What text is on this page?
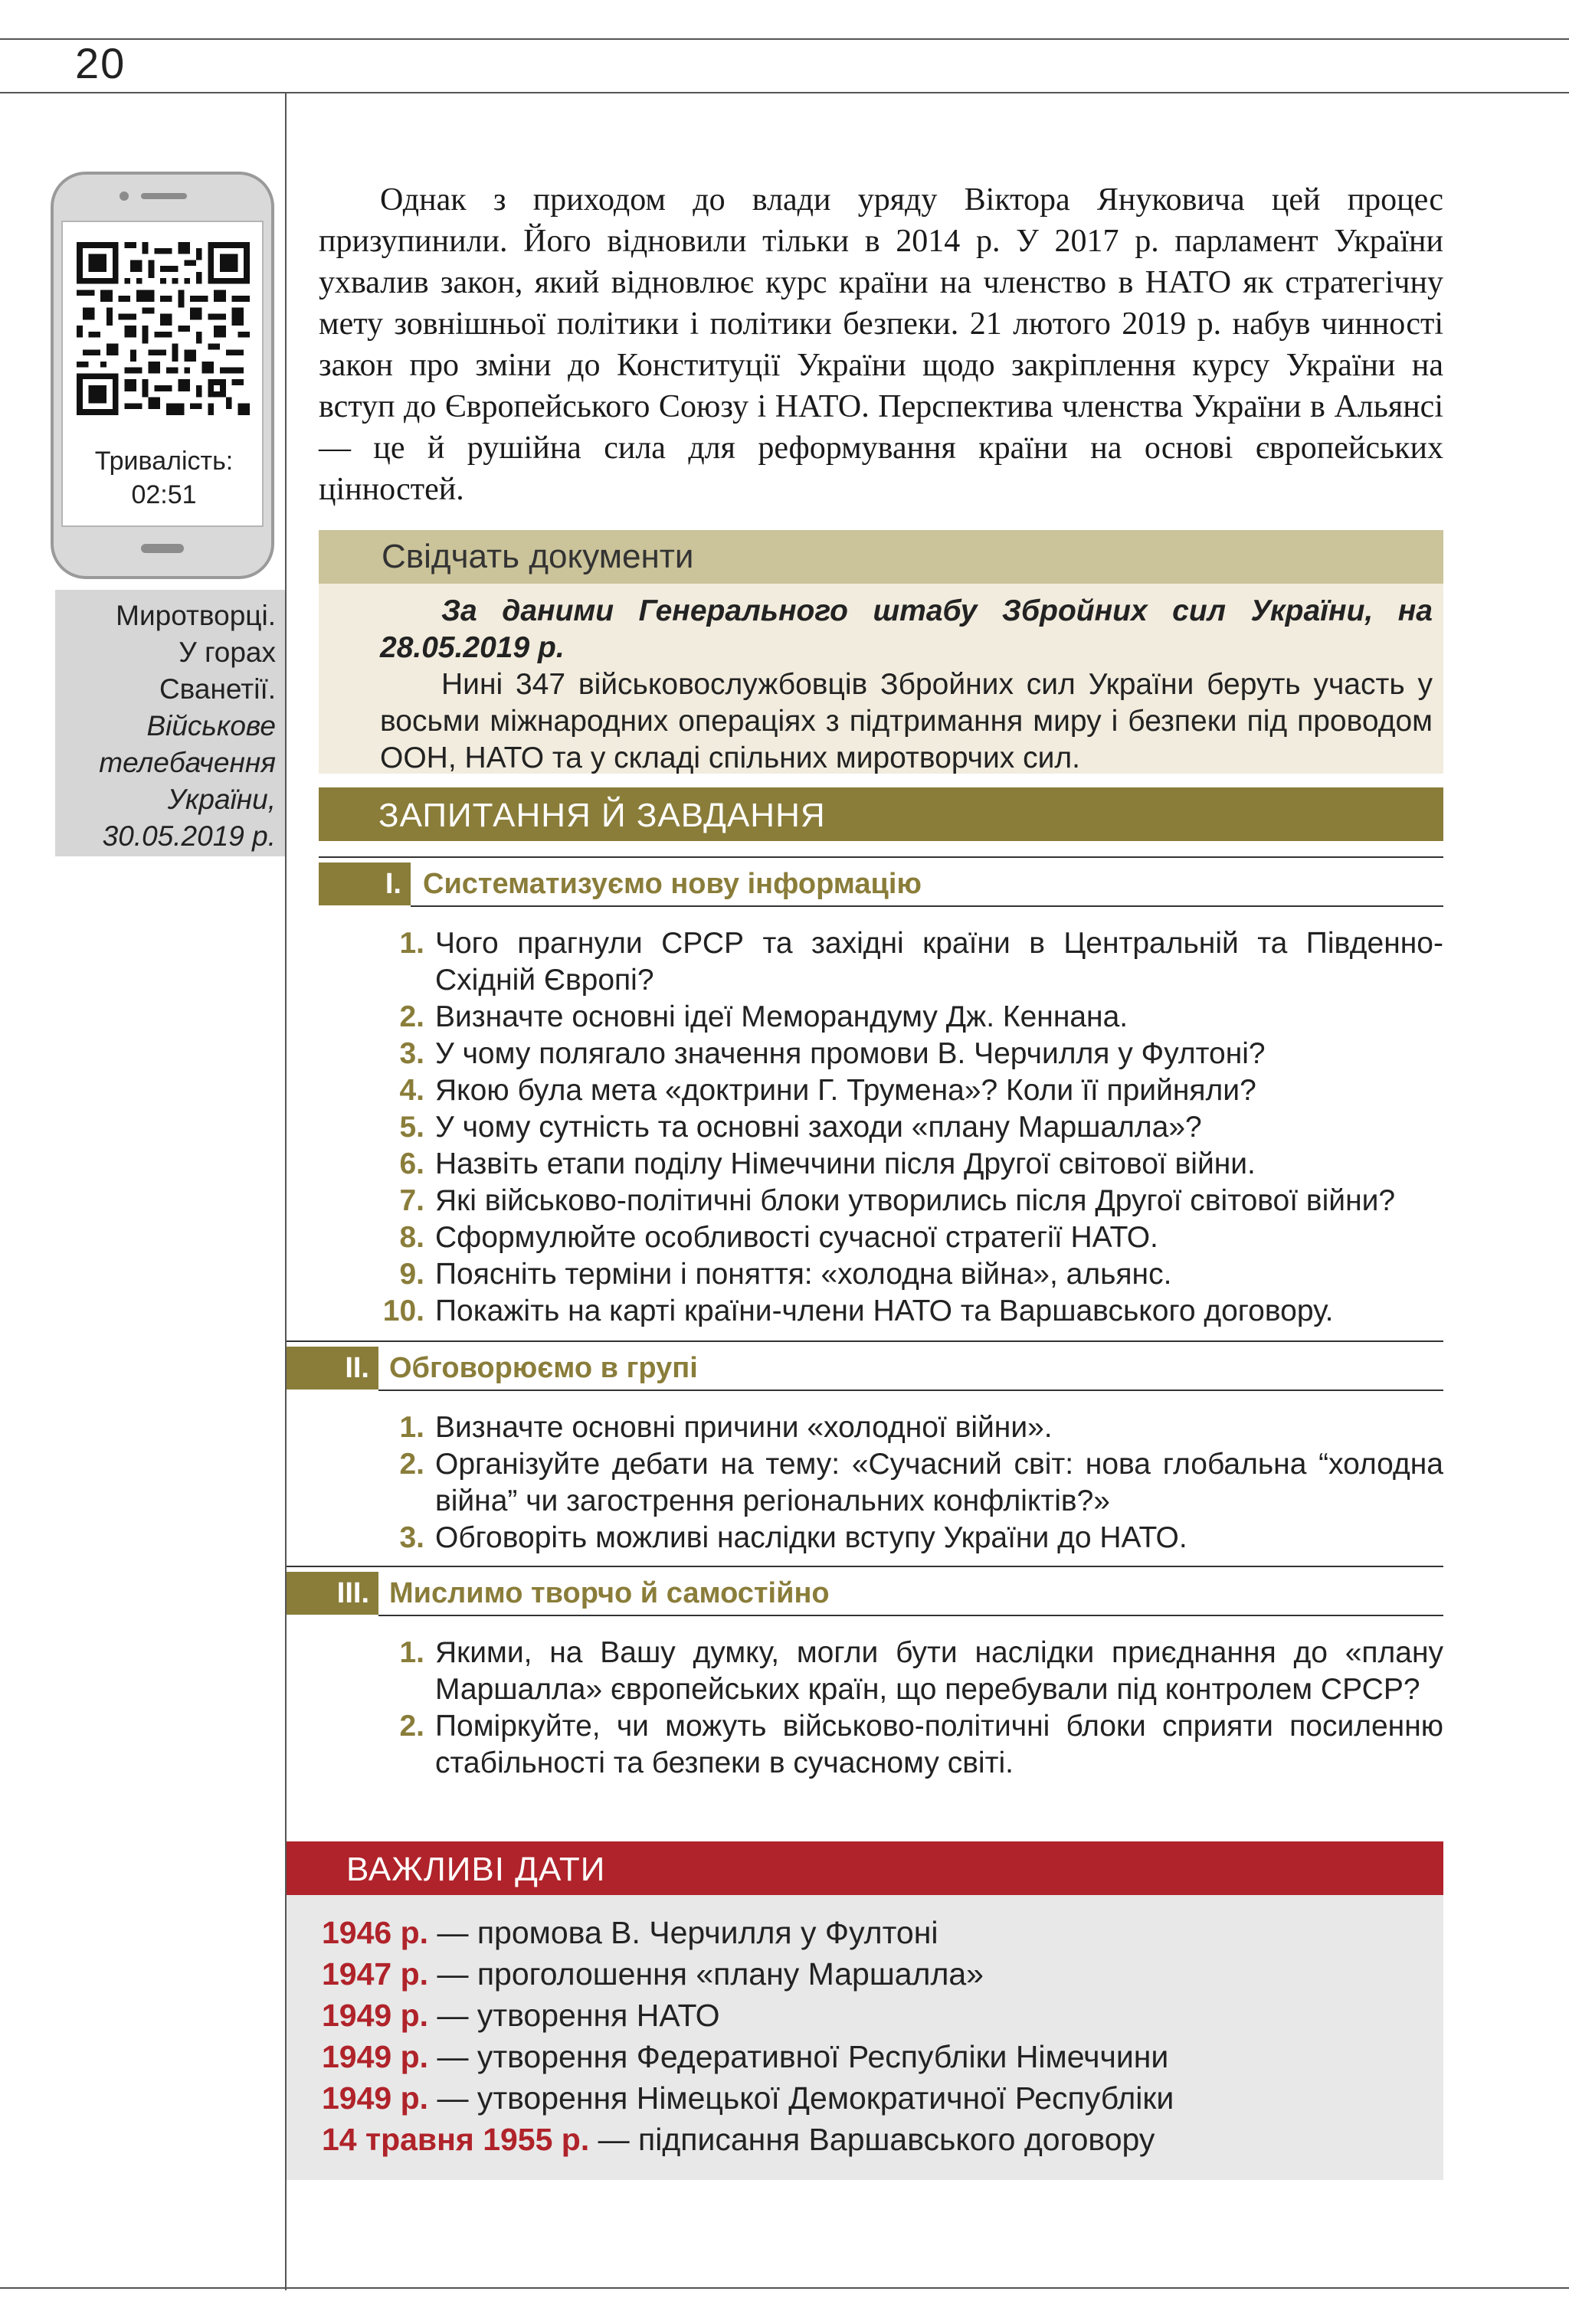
20
Тривалість:
02:51
Миротворці.
У горах
Сванетії.
Військове
телебачення
України,
30.05.2019 р.

Однак з приходом до влади уряду Віктора Януковича цей процес призупинили. Його відновили тільки в 2014 р. У 2017 р. парламент України ухвалив закон, який відновлює курс країни на членство в НАТО як стратегічну мету зовнішньої політики і політики безпеки. 21 лютого 2019 р. набув чинності закон про зміни до Конституції України щодо закріплення курсу України на вступ до Європейського Союзу і НАТО. Перспектива членства України в Альянсі — це й рушійна сила для реформування країни на основі європейських цінностей.

Свідчать документи

За даними Генерального штабу Збройних сил України, на 28.05.2019 р.

Нині 347 військовослужбовців Збройних сил України беруть участь у восьми міжнародних операціях з підтримання миру і безпеки під проводом ООН, НАТО та у складі спільних миротворчих сил.

ЗАПИТАННЯ Й ЗАВДАННЯ
I. Систематизуємо нову інформацію
1. Чого прагнули СРСР та західні країни в Центральній та Південно-Східній Європі?
2. Визначте основні ідеї Меморандуму Дж. Кеннана.
3. У чому полягало значення промови В. Черчилля у Фултоні?
4. Якою була мета «доктрини Г. Трумена»? Коли її прийняли?
5. У чому сутність та основні заходи «плану Маршалла»?
6. Назвіть етапи поділу Німеччини після Другої світової війни.
7. Які військово-політичні блоки утворились після Другої світової війни?
8. Сформулюйте особливості сучасної стратегії НАТО.
9. Поясніть терміни і поняття: «холодна війна», альянс.
10. Покажіть на карті країни-члени НАТО та Варшавського договору.
II. Обговорюємо в групі
1. Визначте основні причини «холодної війни».
2. Організуйте дебати на тему: «Сучасний світ: нова глобальна “холодна війна” чи загострення регіональних конфліктів?»
3. Обговоріть можливі наслідки вступу України до НАТО.
III. Мислимо творчо й самостійно
1. Якими, на Вашу думку, могли бути наслідки приєднання до «плану Маршалла» європейських країн, що перебували під контролем СРСР?
2. Поміркуйте, чи можуть військово-політичні блоки сприяти посиленню стабільності та безпеки в сучасному світі.
ВАЖЛИВІ ДАТИ
1946 р. — промова В. Черчилля у Фултоні
1947 р. — проголошення «плану Маршалла»
1949 р. — утворення НАТО
1949 р. — утворення Федеративної Республіки Німеччини
1949 р. — утворення Німецької Демократичної Республіки
14 травня 1955 р. — підписання Варшавського договору
